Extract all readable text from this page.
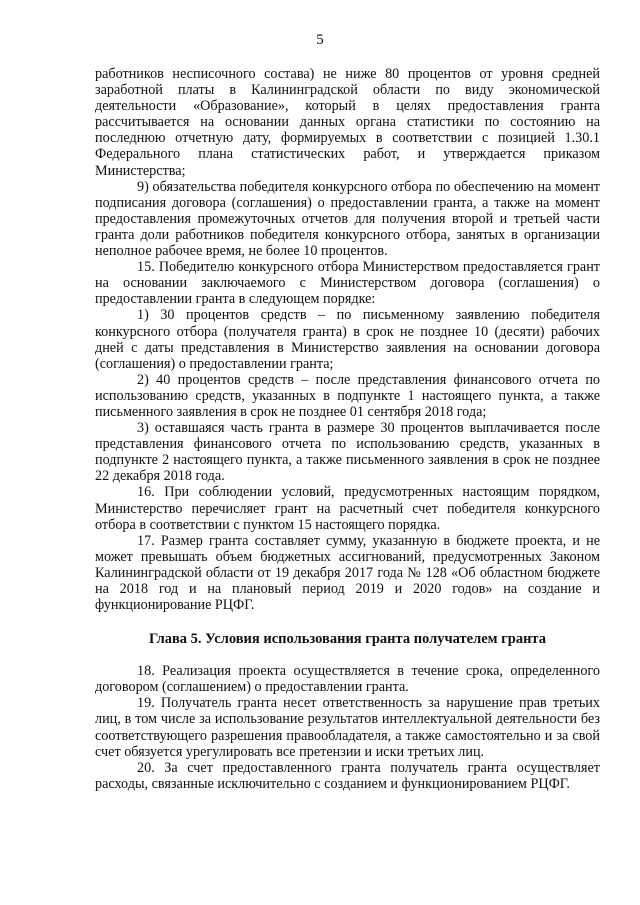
5

работников несписочного состава) не ниже 80 процентов от уровня средней заработной платы в Калининградской области по виду экономической деятельности «Образование», который в целях предоставления гранта рассчитывается на основании данных органа статистики по состоянию на последнюю отчетную дату, формируемых в соответствии с позицией 1.30.1 Федерального плана статистических работ, и утверждается приказом Министерства;

9) обязательства победителя конкурсного отбора по обеспечению на момент подписания договора (соглашения) о предоставлении гранта, а также на момент предоставления промежуточных отчетов для получения второй и третьей части гранта доли работников победителя конкурсного отбора, занятых в организации неполное рабочее время, не более 10 процентов.

15. Победителю конкурсного отбора Министерством предоставляется грант на основании заключаемого с Министерством договора (соглашения) о предоставлении гранта в следующем порядке:

1) 30 процентов средств – по письменному заявлению победителя конкурсного отбора (получателя гранта) в срок не позднее 10 (десяти) рабочих дней с даты представления в Министерство заявления на основании договора (соглашения) о предоставлении гранта;

2) 40 процентов средств – после представления финансового отчета по использованию средств, указанных в подпункте 1 настоящего пункта, а также письменного заявления в срок не позднее 01 сентября 2018 года;

3) оставшаяся часть гранта в размере 30 процентов выплачивается после представления финансового отчета по использованию средств, указанных в подпункте 2 настоящего пункта, а также письменного заявления в срок не позднее 22 декабря 2018 года.

16. При соблюдении условий, предусмотренных настоящим порядком, Министерство перечисляет грант на расчетный счет победителя конкурсного отбора в соответствии с пунктом 15 настоящего порядка.

17. Размер гранта составляет сумму, указанную в бюджете проекта, и не может превышать объем бюджетных ассигнований, предусмотренных Законом Калининградской области от 19 декабря 2017 года № 128 «Об областном бюджете на 2018 год и на плановый период 2019 и 2020 годов» на создание и функционирование РЦФГ.

Глава 5. Условия использования гранта получателем гранта

18. Реализация проекта осуществляется в течение срока, определенного договором (соглашением) о предоставлении гранта.

19. Получатель гранта несет ответственность за нарушение прав третьих лиц, в том числе за использование результатов интеллектуальной деятельности без соответствующего разрешения правообладателя, а также самостоятельно и за свой счет обязуется урегулировать все претензии и иски третьих лиц.

20. За счет предоставленного гранта получатель гранта осуществляет расходы, связанные исключительно с созданием и функционированием РЦФГ.
